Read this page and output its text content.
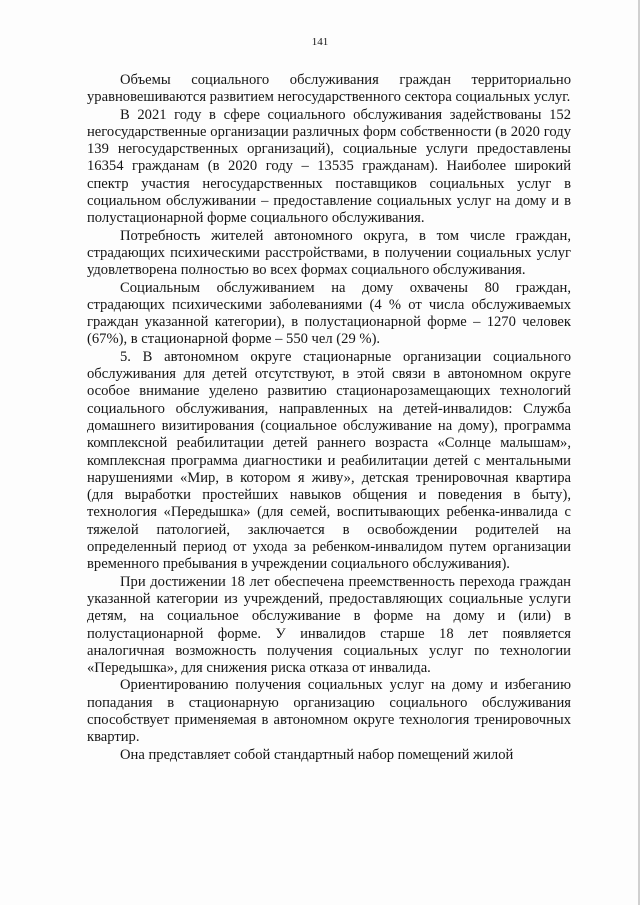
141

Объемы социального обслуживания граждан территориально уравновешиваются развитием негосударственного сектора социальных услуг.

В 2021 году в сфере социального обслуживания задействованы 152 негосударственные организации различных форм собственности (в 2020 году 139 негосударственных организаций), социальные услуги предоставлены 16354 гражданам (в 2020 году – 13535 гражданам). Наиболее широкий спектр участия негосударственных поставщиков социальных услуг в социальном обслуживании – предоставление социальных услуг на дому и в полустационарной форме социального обслуживания.

Потребность жителей автономного округа, в том числе граждан, страдающих психическими расстройствами, в получении социальных услуг удовлетворена полностью во всех формах социального обслуживания.

Социальным обслуживанием на дому охвачены 80 граждан, страдающих психическими заболеваниями (4 % от числа обслуживаемых граждан указанной категории), в полустационарной форме – 1270 человек (67%), в стационарной форме – 550 чел (29 %).

5. В автономном округе стационарные организации социального обслуживания для детей отсутствуют, в этой связи в автономном округе особое внимание уделено развитию стационарозамещающих технологий социального обслуживания, направленных на детей-инвалидов: Служба домашнего визитирования (социальное обслуживание на дому), программа комплексной реабилитации детей раннего возраста «Солнце малышам», комплексная программа диагностики и реабилитации детей с ментальными нарушениями «Мир, в котором я живу», детская тренировочная квартира (для выработки простейших навыков общения и поведения в быту), технология «Передышка» (для семей, воспитывающих ребенка-инвалида с тяжелой патологией, заключается в освобождении родителей на определенный период от ухода за ребенком-инвалидом путем организации временного пребывания в учреждении социального обслуживания).

При достижении 18 лет обеспечена преемственность перехода граждан указанной категории из учреждений, предоставляющих социальные услуги детям, на социальное обслуживание в форме на дому и (или) в полустационарной форме. У инвалидов старше 18 лет появляется аналогичная возможность получения социальных услуг по технологии «Передышка», для снижения риска отказа от инвалида.

Ориентированию получения социальных услуг на дому и избеганию попадания в стационарную организацию социального обслуживания способствует применяемая в автономном округе технология тренировочных квартир.

Она представляет собой стандартный набор помещений жилой
